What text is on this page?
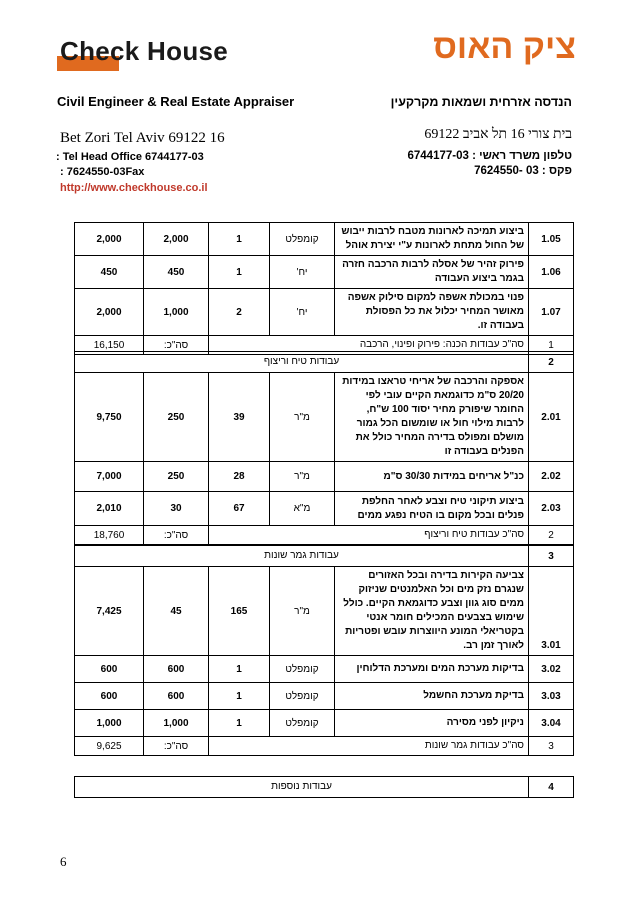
Check House	ציק האוס
Civil Engineer & Real Estate Appraiser	הנדסה אזרחית ושמאות מקרקעין
Bet Zori Tel Aviv 69122 16	בית צורי 16 תל אביב 69122
: Tel Head Office 6744177-03
: 7624550-03Fax
http://www.checkhouse.co.il
טלפון משרד ראשי : 6744177-03
פקס : 03 -7624550
1.05	ביצוע תמיכה לארונות מטבח לרבות ייבוש של החול מתחת לארונות ע"י יצירת אוהל	קומפלט	1	2,000	2,000
1.06	פירוק זהיר של אסלה לרבות הרכבה חזרה בגמר ביצוע העבודה	יח'	1	450	450
1.07	פנוי במכולת אשפה למקום סילוק אשפה מאושר המחיר יכלול את כל הפסולת בעבודה זו.	יח'	2	1,000	2,000
1	סה"כ עבודות הכנה: פירוק ופינוי, הרכבה			סה"כ:	16,150
2	עבודות טיח וריצוף				
2.01	אספקה והרכבה של אריחי טראצו במידות 20/20 ס"מ כדוגמאת הקיים עובי לפי החומר שיפורק מחיר יסוד 100 ש"ח, לרבות מילוי חול או שומשום הכל גמור מושלם ומפולס בדירה המחיר כולל את הפנלים בעבודה זו	מ"ר	39	250	9,750
2.02	כנ"ל אריחים במידות 30/30 ס"מ	מ"ר	28	250	7,000
2.03	ביצוע תיקוני טיח וצבע לאחר החלפת פנלים ובכל מקום בו הטיח נפגע ממים	מ"א	67	30	2,010
2	סה"כ עבודות טיח וריצוף			סה"כ:	18,760
3	עבודות גמר שונות				
3.01	צביעה הקירות בדירה ובכל האזורים שנגרם נזק מים וכל האלמנטים שניזוק ממים סוג גוון וצבע כדוגמאת הקיים. כולל שימוש בצבעים המכילים חומר אנטי בקטריאלי המונע היווצרות עובש ופטריות לאורך זמן רב.	מ"ר	165	45	7,425
3.02	בדיקות מערכת המים ומערכת הדלוחין	קומפלט	1	600	600
3.03	בדיקת מערכת החשמל	קומפלט	1	600	600
3.04	ניקיון לפני מסירה	קומפלט	1	1,000	1,000
3	סה"כ עבודות גמר שונות			סה"כ:	9,625
4	עבודות נוספות
6
